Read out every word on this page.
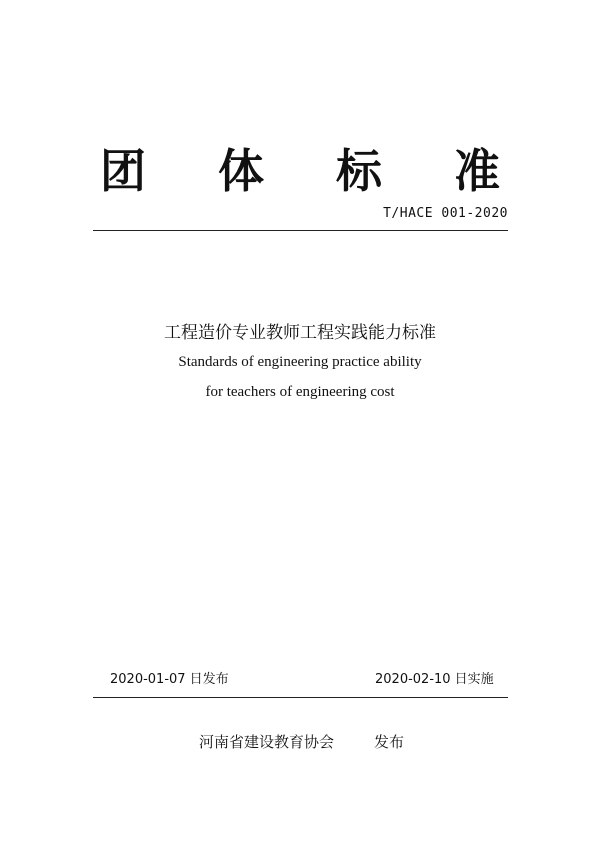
团 体 标 准
T/HACE 001-2020
工程造价专业教师工程实践能力标准
Standards of engineering practice ability
for teachers of engineering cost
2020-01-07 日发布	2020-02-10 日实施
河南省建设教育协会	发布
